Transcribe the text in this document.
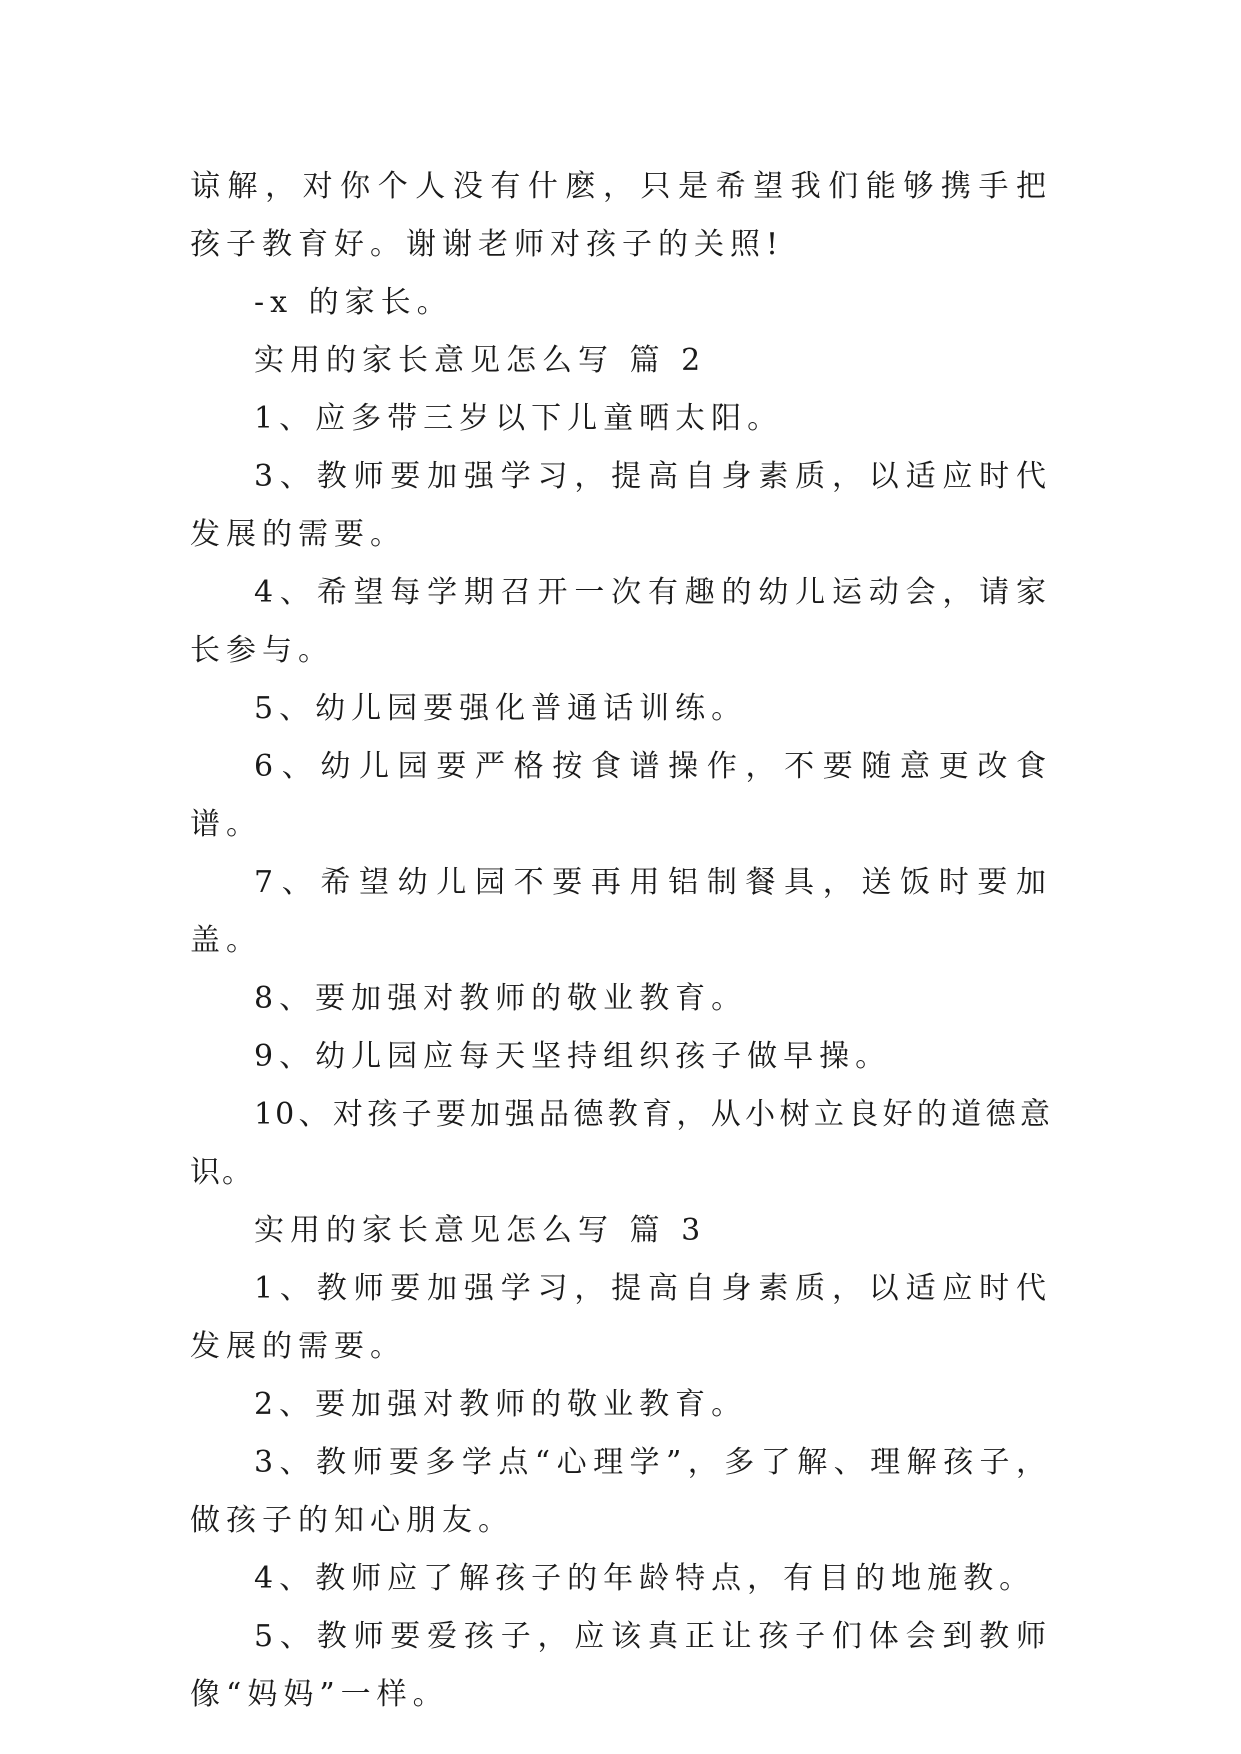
谅解，对你个人没有什麽，只是希望我们能够携手把孩子教育好。谢谢老师对孩子的关照!

-x 的家长。

实用的家长意见怎么写 篇 2

1、应多带三岁以下儿童晒太阳。

3、教师要加强学习，提高自身素质，以适应时代发展的需要。

4、希望每学期召开一次有趣的幼儿运动会，请家长参与。

5、幼儿园要强化普通话训练。

6、幼儿园要严格按食谱操作，不要随意更改食谱。

7、希望幼儿园不要再用铝制餐具，送饭时要加盖。

8、要加强对教师的敬业教育。

9、幼儿园应每天坚持组织孩子做早操。

10、对孩子要加强品德教育，从小树立良好的道德意识。

实用的家长意见怎么写 篇 3

1、教师要加强学习，提高自身素质，以适应时代发展的需要。

2、要加强对教师的敬业教育。

3、教师要多学点“心理学”，多了解、理解孩子，做孩子的知心朋友。

4、教师应了解孩子的年龄特点，有目的地施教。

5、教师要爱孩子，应该真正让孩子们体会到教师像“妈妈”一样。
